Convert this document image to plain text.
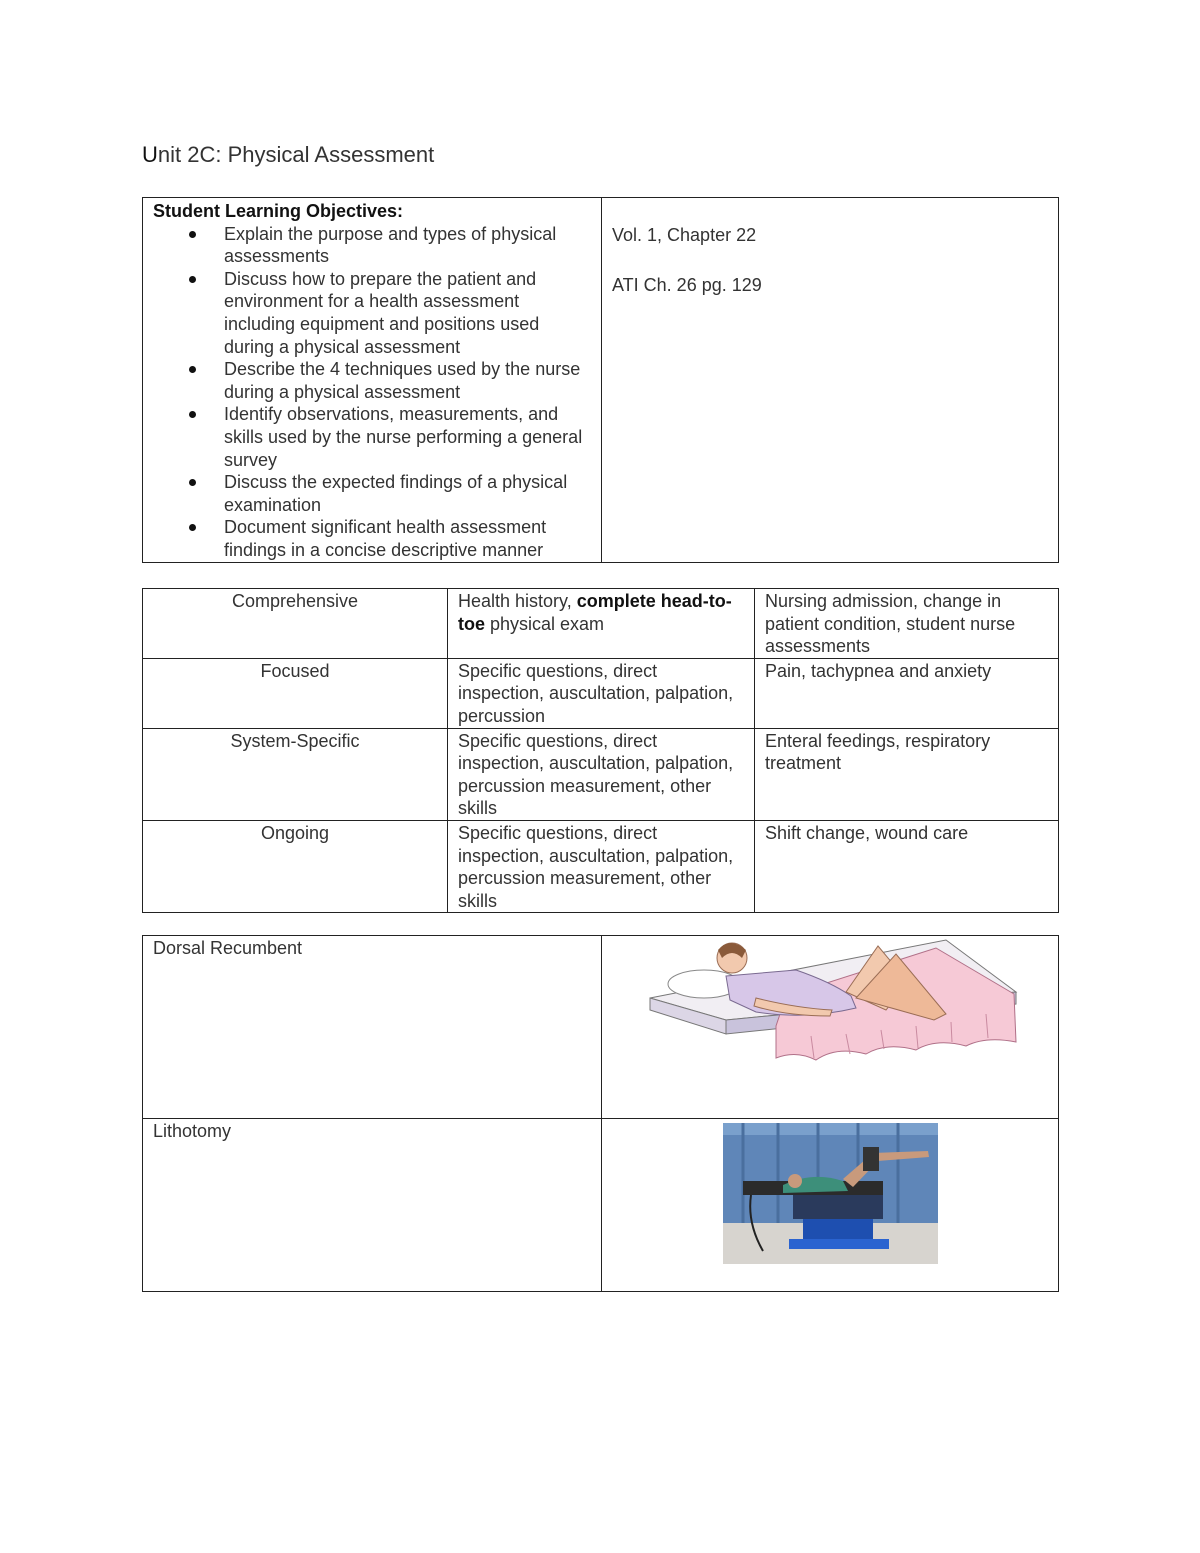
Unit 2C: Physical Assessment
Student Learning Objectives:
Explain the purpose and types of physical assessments
Discuss how to prepare the patient and environment for a health assessment including equipment and positions used during a physical assessment
Describe the 4 techniques used by the nurse during a physical assessment
Identify observations, measurements, and skills used by the nurse performing a general survey
Discuss the expected findings of a physical examination
Document significant health assessment findings in a concise descriptive manner

Vol. 1, Chapter 22

ATI Ch. 26 pg. 129

Comprehensive	Health history, complete head-to-toe physical exam	Nursing admission, change in patient condition, student nurse assessments
Focused	Specific questions, direct inspection, auscultation, palpation, percussion	Pain, tachypnea and anxiety
System-Specific	Specific questions, direct inspection, auscultation, palpation, percussion measurement, other skills	Enteral feedings, respiratory treatment
Ongoing	Specific questions, direct inspection, auscultation, palpation, percussion measurement, other skills	Shift change, wound care
Dorsal Recumbent	

Lithotomy	
